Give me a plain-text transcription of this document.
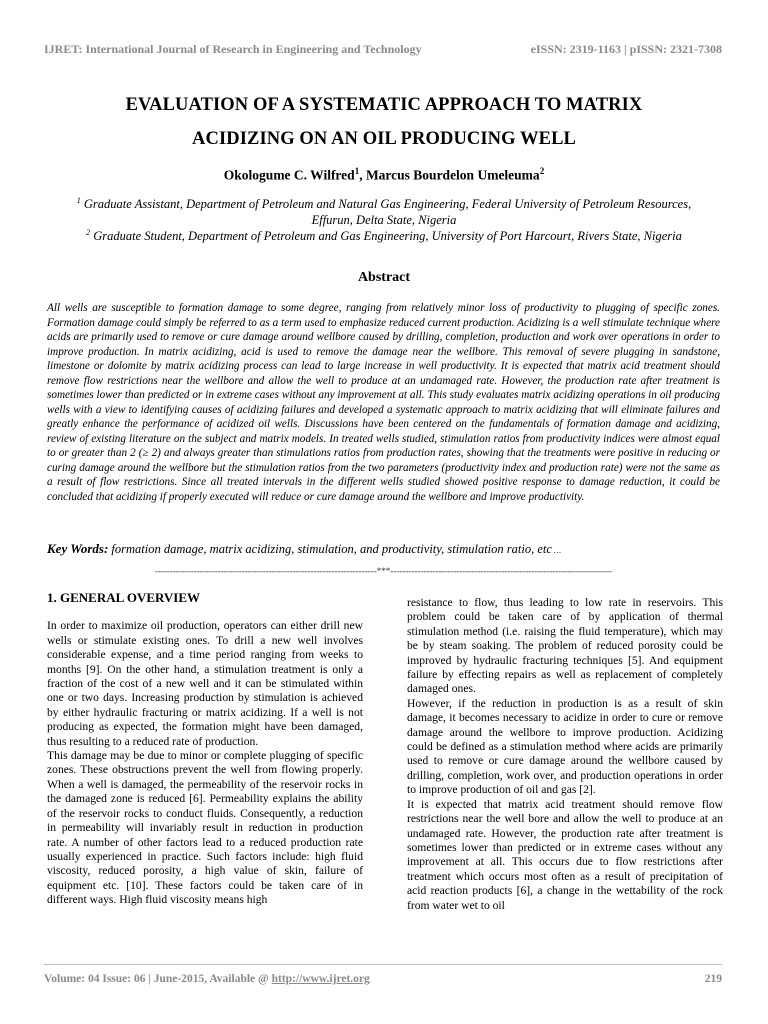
IJRET: International Journal of Research in Engineering and Technology	eISSN: 2319-1163 | pISSN: 2321-7308
EVALUATION OF A SYSTEMATIC APPROACH TO MATRIX
ACIDIZING ON AN OIL PRODUCING WELL
Okologume C. Wilfred$^1$, Marcus Bourdelon Umeleuma$^2$
$^1$ Graduate Assistant, Department of Petroleum and Natural Gas Engineering, Federal University of Petroleum Resources, Effurun, Delta State, Nigeria
$^2$ Graduate Student, Department of Petroleum and Gas Engineering, University of Port Harcourt, Rivers State, Nigeria
Abstract
All wells are susceptible to formation damage to some degree, ranging from relatively minor loss of productivity to plugging of specific zones. Formation damage could simply be referred to as a term used to emphasize reduced current production. Acidizing is a well stimulate technique where acids are primarily used to remove or cure damage around wellbore caused by drilling, completion, production and work over operations in order to improve production. In matrix acidizing, acid is used to remove the damage near the wellbore. This removal of severe plugging in sandstone, limestone or dolomite by matrix acidizing process can lead to large increase in well productivity. It is expected that matrix acid treatment should remove flow restrictions near the wellbore and allow the well to produce at an undamaged rate. However, the production rate after treatment is sometimes lower than predicted or in extreme cases without any improvement at all. This study evaluates matrix acidizing operations in oil producing wells with a view to identifying causes of acidizing failures and developed a systematic approach to matrix acidizing that will eliminate failures and greatly enhance the performance of acidized oil wells. Discussions have been centered on the fundamentals of formation damage and acidizing, review of existing literature on the subject and matrix models. In treated wells studied, stimulation ratios from productivity indices were almost equal to or greater than 2 (≥ 2) and always greater than stimulations ratios from production rates, showing that the treatments were positive in reducing or curing damage around the wellbore but the stimulation ratios from the two parameters (productivity index and production rate) were not the same as a result of flow restrictions. Since all treated intervals in the different wells studied showed positive response to damage reduction, it could be concluded that acidizing if properly executed will reduce or cure damage around the wellbore and improve productivity.
Key Words: formation damage, matrix acidizing, stimulation, and productivity, stimulation ratio, etc …
--------------------------------------------------------------------------***--------------------------------------------------------------------------
1. GENERAL OVERVIEW

In order to maximize oil production, operators can either drill new wells or stimulate existing ones. To drill a new well involves considerable expense, and a time period ranging from weeks to months [9]. On the other hand, a stimulation treatment is only a fraction of the cost of a new well and it can be stimulated within one or two days. Increasing production by stimulation is achieved by either hydraulic fracturing or matrix acidizing. If a well is not producing as expected, the formation might have been damaged, thus resulting to a reduced rate of production.

This damage may be due to minor or complete plugging of specific zones. These obstructions prevent the well from flowing properly. When a well is damaged, the permeability of the reservoir rocks in the damaged zone is reduced [6]. Permeability explains the ability of the reservoir rocks to conduct fluids. Consequently, a reduction in permeability will invariably result in reduction in production rate. A number of other factors lead to a reduced production rate usually experienced in practice. Such factors include: high fluid viscosity, reduced porosity, a high value of skin, failure of equipment etc. [10]. These factors could be taken care of in different ways. High fluid viscosity means high

resistance to flow, thus leading to low rate in reservoirs. This problem could be taken care of by application of thermal stimulation method (i.e. raising the fluid temperature), which may be by steam soaking. The problem of reduced porosity could be improved by hydraulic fracturing techniques [5]. And equipment failure by effecting repairs as well as replacement of completely damaged ones.

However, if the reduction in production is as a result of skin damage, it becomes necessary to acidize in order to cure or remove damage around the wellbore to improve production. Acidizing could be defined as a stimulation method where acids are primarily used to remove or cure damage around the wellbore caused by drilling, completion, work over, and production operations in order to improve production of oil and gas [2].

It is expected that matrix acid treatment should remove flow restrictions near the well bore and allow the well to produce at an undamaged rate. However, the production rate after treatment is sometimes lower than predicted or in extreme cases without any improvement at all. This occurs due to flow restrictions after treatment which occurs most often as a result of precipitation of acid reaction products [6], a change in the wettability of the rock from water wet to oil

Volume: 04 Issue: 06 | June-2015, Available @ http://www.ijret.org	219
